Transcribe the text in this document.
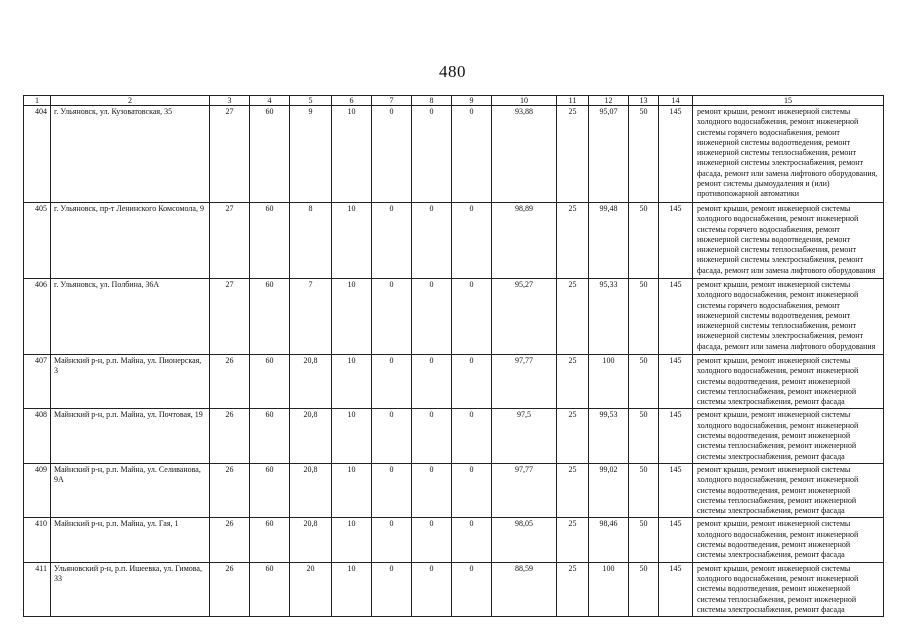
480
1	2	3	4	5	6	7	8	9	10	11	12	13	14	15
404	г. Ульяновск, ул. Кузоватовская, 35	27	60	9	10	0	0	0	93,88	25	95,07	50	145	ремонт крыши, ремонт инженерной системы холодного водоснабжения, ремонт инженерной системы горячего водоснабжения, ремонт инженерной системы водоотведения, ремонт инженерной системы теплоснабжения, ремонт инженерной системы электроснабжения, ремонт фасада, ремонт или замена лифтового оборудования, ремонт системы дымоудаления и (или) противопожарной автоматики
405	г. Ульяновск, пр-т Ленинского Комсомола, 9	27	60	8	10	0	0	0	98,89	25	99,48	50	145	ремонт крыши, ремонт инженерной системы холодного водоснабжения, ремонт инженерной системы горячего водоснабжения, ремонт инженерной системы водоотведения, ремонт инженерной системы теплоснабжения, ремонт инженерной системы электроснабжения, ремонт фасада, ремонт или замена лифтового оборудования
406	г. Ульяновск, ул. Полбина, 36А	27	60	7	10	0	0	0	95,27	25	95,33	50	145	ремонт крыши, ремонт инженерной системы холодного водоснабжения, ремонт инженерной системы горячего водоснабжения, ремонт инженерной системы водоотведения, ремонт инженерной системы теплоснабжения, ремонт инженерной системы электроснабжения, ремонт фасада, ремонт или замена лифтового оборудования
407	Майнский р-н, р.п. Майна, ул. Пионерская, 3	26	60	20,8	10	0	0	0	97,77	25	100	50	145	ремонт крыши, ремонт инженерной системы холодного водоснабжения, ремонт инженерной системы водоотведения, ремонт инженерной системы теплоснабжения, ремонт инженерной системы электроснабжения, ремонт фасада
408	Майнский р-н, р.п. Майна, ул. Почтовая, 19	26	60	20,8	10	0	0	0	97,5	25	99,53	50	145	ремонт крыши, ремонт инженерной системы холодного водоснабжения, ремонт инженерной системы водоотведения, ремонт инженерной системы теплоснабжения, ремонт инженерной системы электроснабжения, ремонт фасада
409	Майнский р-н, р.п. Майна, ул. Селиванова, 9А	26	60	20,8	10	0	0	0	97,77	25	99,02	50	145	ремонт крыши, ремонт инженерной системы холодного водоснабжения, ремонт инженерной системы водоотведения, ремонт инженерной системы теплоснабжения, ремонт инженерной системы электроснабжения, ремонт фасада
410	Майнский р-н, р.п. Майна, ул. Гая, 1	26	60	20,8	10	0	0	0	98,05	25	98,46	50	145	ремонт крыши, ремонт инженерной системы холодного водоснабжения, ремонт инженерной системы водоотведения, ремонт инженерной системы электроснабжения, ремонт фасада
411	Ульяновский р-н, р.п. Ишеевка, ул. Гимова, 33	26	60	20	10	0	0	0	88,59	25	100	50	145	ремонт крыши, ремонт инженерной системы холодного водоснабжения, ремонт инженерной системы водоотведения, ремонт инженерной системы теплоснабжения, ремонт инженерной системы электроснабжения, ремонт фасада
·
